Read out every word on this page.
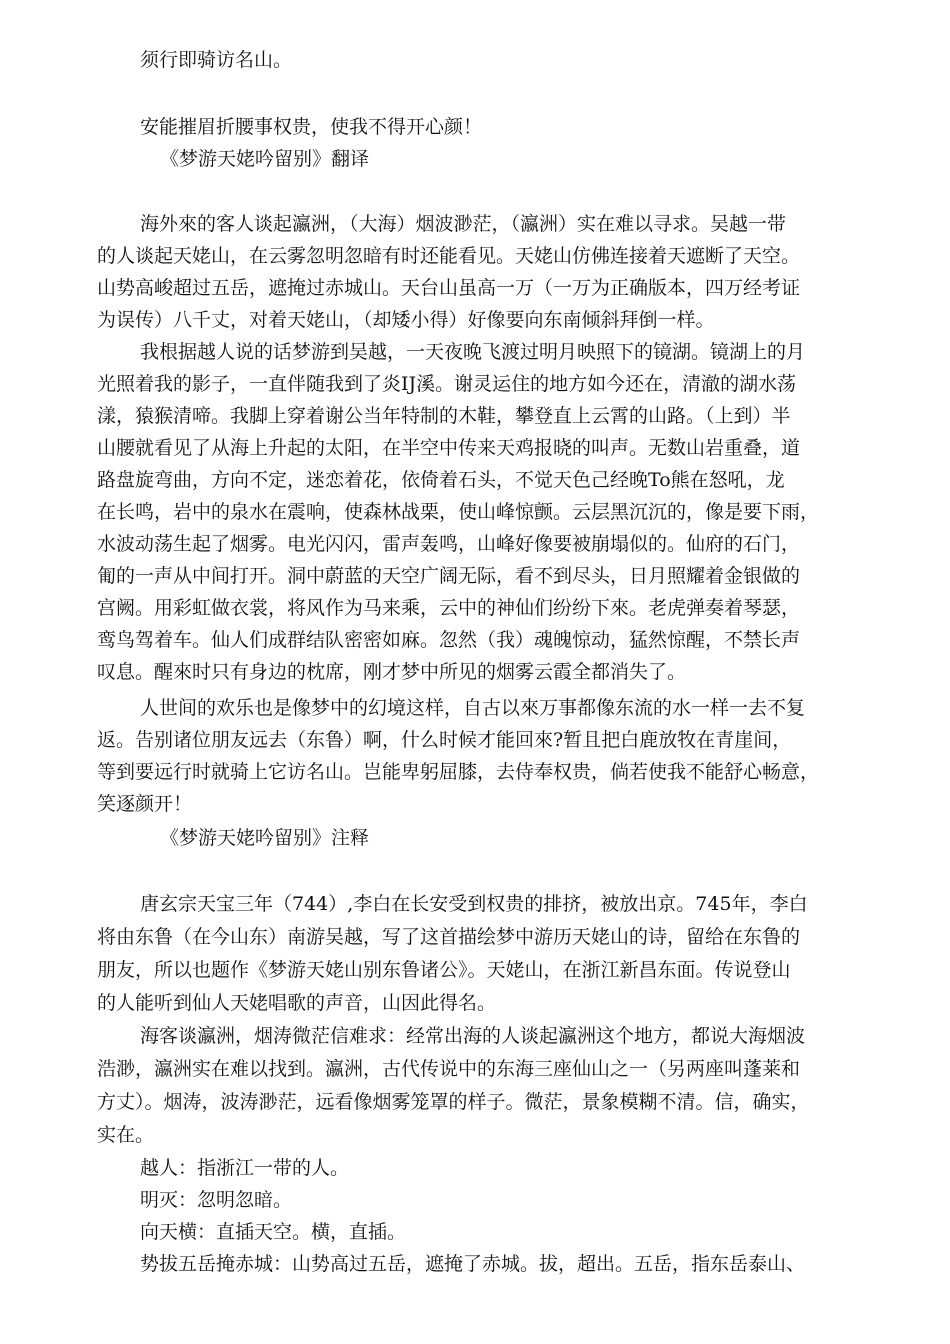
须行即骑访名山。
安能摧眉折腰事权贵，使我不得开心颜！
《梦游天姥吟留别》翻译
海外來的客人谈起瀛洲，（大海）烟波渺茫，（瀛洲）实在难以寻求。吴越一带
的人谈起天姥山，在云雾忽明忽暗有时还能看见。天姥山仿佛连接着天遮断了天空。
山势高峻超过五岳，遮掩过赤城山。天台山虽高一万（一万为正确版本，四万经考证
为误传）八千丈，对着天姥山，（却矮小得）好像要向东南倾斜拜倒一样。
我根据越人说的话梦游到吴越，一天夜晚飞渡过明月映照下的镜湖。镜湖上的月
光照着我的影子，一直伴随我到了炎IJ溪。谢灵运住的地方如今还在，清澈的湖水荡
漾，猿猴清啼。我脚上穿着谢公当年特制的木鞋，攀登直上云霄的山路。（上到）半
山腰就看见了从海上升起的太阳，在半空中传来天鸡报晓的叫声。无数山岩重叠，道
路盘旋弯曲，方向不定，迷恋着花，依倚着石头，不觉天色己经晚To熊在怒吼，龙
在长鸣，岩中的泉水在震响，使森林战栗，使山峰惊颤。云层黑沉沉的，像是要下雨，
水波动荡生起了烟雾。电光闪闪，雷声轰鸣，山峰好像要被崩塌似的。仙府的石门，
匍的一声从中间打开。洞中蔚蓝的天空广阔无际，看不到尽头，日月照耀着金银做的
宫阙。用彩虹做衣裳，将风作为马来乘，云中的神仙们纷纷下來。老虎弹奏着琴瑟，
鸾鸟驾着车。仙人们成群结队密密如麻。忽然（我）魂魄惊动，猛然惊醒，不禁长声
叹息。醒來时只有身边的枕席，刚才梦中所见的烟雾云霞全都消失了。
人世间的欢乐也是像梦中的幻境这样，自古以來万事都像东流的水一样一去不复
返。告别诸位朋友远去（东鲁）啊，什么时候才能回來?暂且把白鹿放牧在青崖间，
等到要远行时就骑上它访名山。岂能卑躬屈膝，去侍奉权贵，倘若使我不能舒心畅意，
笑逐颜开！
《梦游天姥吟留别》注释
唐玄宗天宝三年（744）,李白在长安受到权贵的排挤，被放出京。745年，李白
将由东鲁（在今山东）南游吴越，写了这首描绘梦中游历天姥山的诗，留给在东鲁的
朋友，所以也题作《梦游天姥山别东鲁诸公》。天姥山，在浙江新昌东面。传说登山
的人能听到仙人天姥唱歌的声音，山因此得名。
海客谈瀛洲，烟涛微茫信难求：经常出海的人谈起瀛洲这个地方，都说大海烟波
浩渺，瀛洲实在难以找到。瀛洲，古代传说中的东海三座仙山之一（另两座叫蓬莱和
方丈）。烟涛，波涛渺茫，远看像烟雾笼罩的样子。微茫，景象模糊不清。信，确实，
实在。
越人：指浙江一带的人。
明灭：忽明忽暗。
向天横：直插天空。横，直插。
势拔五岳掩赤城：山势高过五岳，遮掩了赤城。拔，超出。五岳，指东岳泰山、
